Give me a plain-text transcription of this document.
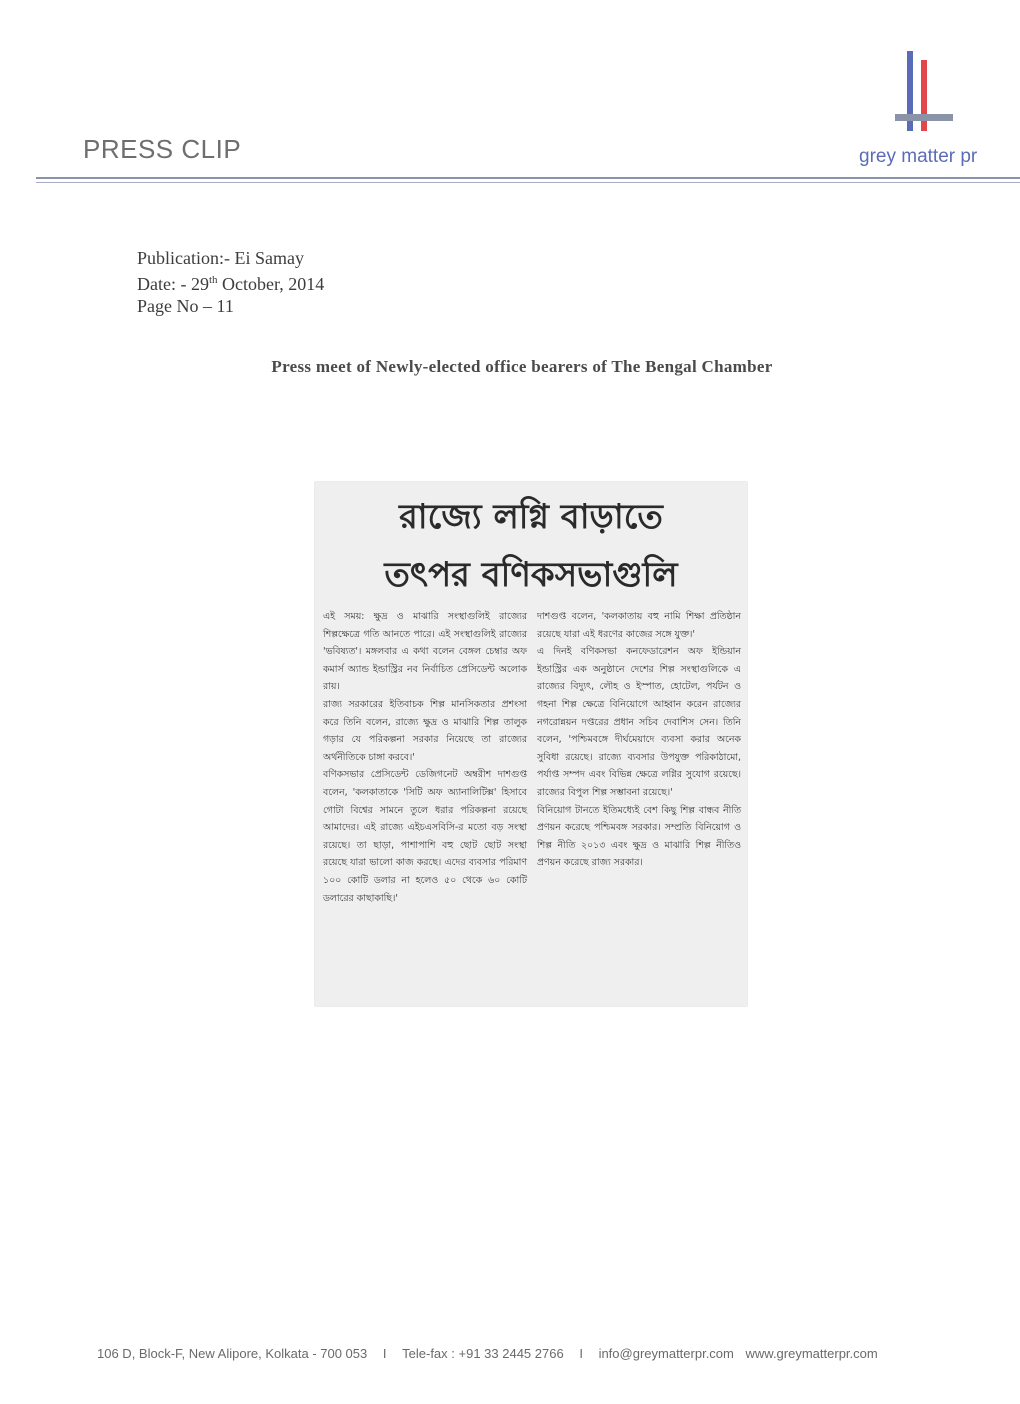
PRESS CLIP	grey matter pr
Publication:- Ei Samay
Date: - 29th October, 2014
Page No – 11
Press meet of Newly-elected office bearers of The Bengal Chamber
রাজ্যে লগ্নি বাড়াতে
তৎপর বণিকসভাগুলি

এই সময়: ক্ষুদ্র ও মাঝারি সংস্থাগুলিই রাজ্যের শিল্পক্ষেত্রে গতি আনতে পারে। এই সংস্থাগুলিই রাজ্যের 'ভবিষ্যত'। মঙ্গলবার এ কথা বলেন বেঙ্গল চেম্বার অফ কমার্স অ্যান্ড ইন্ডাস্ট্রির নব নির্বাচিত প্রেসিডেন্ট অলোক রায়।

রাজ্য সরকারের ইতিবাচক শিল্প মানসিকতার প্রশংসা করে তিনি বলেন, রাজ্যে ক্ষুদ্র ও মাঝারি শিল্প তালুক গড়ার যে পরিকল্পনা সরকার নিয়েছে তা রাজ্যের অর্থনীতিকে চাঙ্গা করবে।'

বণিকসভার প্রেসিডেন্ট ডেজিগনেট অম্বরীশ দাশগুপ্ত বলেন, 'কলকাতাকে 'সিটি অফ অ্যানালিটিক্স' হিসাবে গোটা বিশ্বের সামনে তুলে ধরার পরিকল্পনা রয়েছে আমাদের। এই রাজ্যে এইচএসবিসি-র মতো বড় সংস্থা রয়েছে। তা ছাড়া, পাশাপাশি বহু ছোট ছোট সংস্থা রয়েছে যারা ভালো কাজ করছে। এদের ব্যবসার পরিমাণ ১০০ কোটি ডলার না হলেও ৫০ থেকে ৬০ কোটি ডলারের কাছাকাছি।'

দাশগুপ্ত বলেন, 'কলকাতায় বহু নামি শিক্ষা প্রতিষ্ঠান রয়েছে যারা এই ধরণের কাজের সঙ্গে যুক্ত।'

এ দিনই বণিকসভা কনফেডারেশন অফ ইন্ডিয়ান ইন্ডাস্ট্রির এক অনুষ্ঠানে দেশের শিল্প সংস্থাগুলিকে এ রাজ্যের বিদ্যুৎ, লৌহ ও ইস্পাত, হোটেল, পর্যটন ও গহনা শিল্প ক্ষেত্রে বিনিয়োগে আহ্বান করেন রাজ্যের নগরোন্নয়ন দপ্তরের প্রধান সচিব দেবাশিস সেন। তিনি বলেন, 'পশ্চিমবঙ্গে দীর্ঘমেয়াদে ব্যবসা করার অনেক সুবিধা রয়েছে। রাজ্যে ব্যবসার উপযুক্ত পরিকাঠামো, পর্যাপ্ত সম্পদ এবং বিভিন্ন ক্ষেত্রে লগ্নির সুযোগ রয়েছে। রাজ্যের বিপুল শিল্প সম্ভাবনা রয়েছে।'

বিনিয়োগ টানতে ইতিমধ্যেই বেশ কিছু শিল্প বান্ধব নীতি প্রণয়ন করেছে পশ্চিমবঙ্গ সরকার। সম্প্রতি বিনিয়োগ ও শিল্প নীতি ২০১৩ এবং ক্ষুদ্র ও মাঝারি শিল্প নীতিও প্রণয়ন করেছে রাজ্য সরকার।

106 D, Block-F, New Alipore, Kolkata - 700 053 I Tele-fax : +91 33 2445 2766 I info@greymatterpr.com www.greymatterpr.com
